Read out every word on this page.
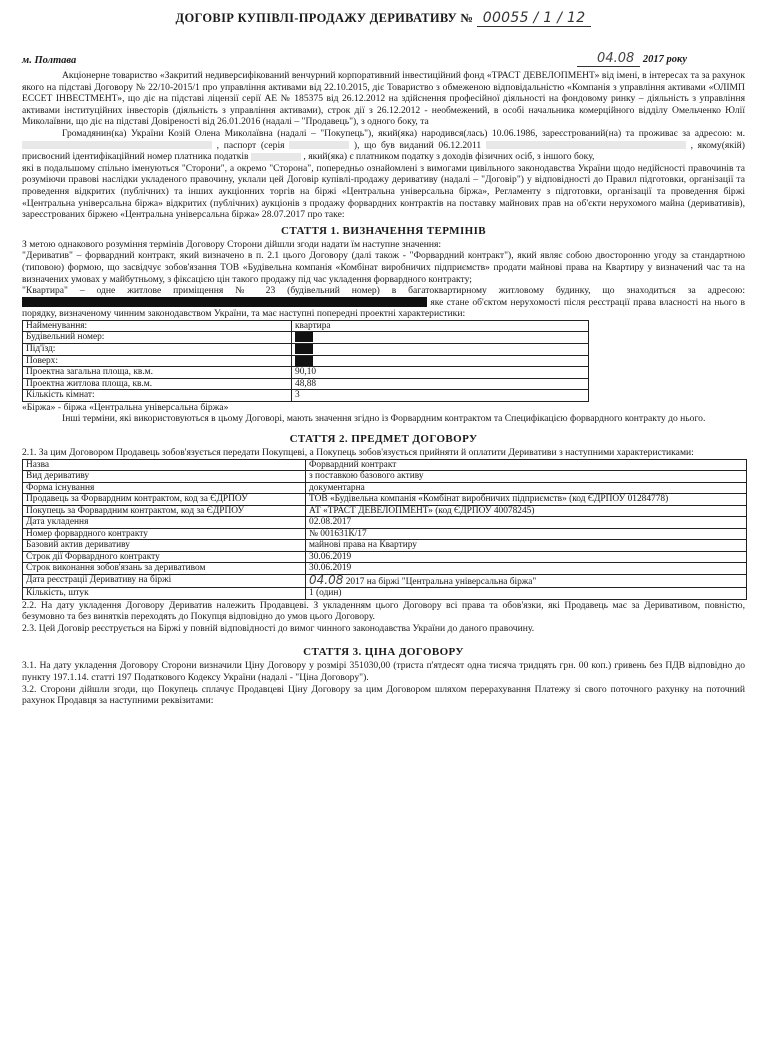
ДОГОВІР КУПІВЛІ-ПРОДАЖУ ДЕРИВАТИВУ № 00055 / 1 / 12
м. Полтава	04.08 2017 року

Акціонерне товариство «Закритий недиверсифікований венчурний корпоративний інвестиційний фонд «ТРАСТ ДЕВЕЛОПМЕНТ» від імені, в інтересах та за рахунок якого на підставі Договору № 22/10-2015/1 про управління активами від 22.10.2015, діє Товариство з обмеженою відповідальністю «Компанія з управління активами «ОЛІМП ЕССЕТ ІНВЕСТМЕНТ», що діє на підставі ліцензії серії АЕ № 185375 від 26.12.2012 на здійснення професійної діяльності на фондовому ринку – діяльність з управління активами інституційних інвесторів (діяльність з управління активами), строк дії з 26.12.2012 - необмежений, в особі начальника комерційного відділу Омельченко Юлії Миколаївни, що діє на підставі Довіреності від 26.01.2016 (надалі – "Продавець"), з одного боку, та

Громадянин(ка) України Козій Олена Миколаївна (надалі – "Покупець"), який(яка) народився(лась) 10.06.1986, зареєстрований(на) та проживає за адресою: м.  , паспорт (серія	), що був виданий 06.12.2011	, якому(якій) присвоєний ідентифікаційний номер платника податків	, який(яка) є платником податку з доходів фізичних осіб, з іншого боку,

які в подальшому спільно іменуються "Сторони", а окремо "Сторона", попередньо ознайомлені з вимогами цивільного законодавства України щодо недійсності правочинів та розуміючи правові наслідки укладеного правочину, уклали цей Договір купівлі-продажу деривативу (надалі – "Договір") у відповідності до Правил підготовки, організації та проведення відкритих (публічних) та інших аукціонних торгів на біржі «Центральна універсальна біржа», Регламенту з підготовки, організації та проведення біржі «Центральна універсальна біржа» відкритих (публічних) аукціонів з продажу форвардних контрактів на поставку майнових прав на об'єкти нерухомого майна (деривативів), зареєстрованих біржею «Центральна універсальна біржа» 28.07.2017 про таке:

СТАТТЯ 1. ВИЗНАЧЕННЯ ТЕРМІНІВ

З метою однакового розуміння термінів Договору Сторони дійшли згоди надати їм наступне значення:

"Дериватив" – форвардний контракт, який визначено в п. 2.1 цього Договору (далі також - "Форвардний контракт"), який являє собою двосторонню угоду за стандартною (типовою) формою, що засвідчує зобов'язання ТОВ «Будівельна компанія «Комбінат виробничих підприємств» продати майнові права на Квартиру у визначений час та на визначених умовах у майбутньому, з фіксацією цін такого продажу під час укладення форвардного контракту;

"Квартира" – одне житлове приміщення № 23 (будівельний номер) в багатоквартирному житловому будинку, що знаходиться за адресою:  яке стане об'єктом нерухомості після реєстрації права власності на нього в порядку, визначеному чинним законодавством України, та має наступні попередні проектні характеристики:

Найменування:	квартира
Будівельний номер:	
Під'їзд:	
Поверх:	
Проектна загальна площа, кв.м.	90,10
Проектна житлова площа, кв.м.	48,88
Кількість кімнат:	3

«Біржа» - біржа «Центральна універсальна біржа»

Інші терміни, які використовуються в цьому Договорі, мають значення згідно із Форвардним контрактом та Специфікацією форвардного контракту до нього.

СТАТТЯ 2. ПРЕДМЕТ ДОГОВОРУ

2.1. За цим Договором Продавець зобов'язується передати Покупцеві, а Покупець зобов'язується прийняти й оплатити Деривативи з наступними характеристиками:

Назва	Форвардний контракт
Вид деривативу	з поставкою базового активу
Форма існування	документарна
Продавець за Форвардним контрактом, код за ЄДРПОУ	ТОВ «Будівельна компанія «Комбінат виробничих підприємств» (код ЄДРПОУ 01284778)
Покупець за Форвардним контрактом, код за ЄДРПОУ	АТ «ТРАСТ ДЕВЕЛОПМЕНТ» (код ЄДРПОУ 40078245)
Дата укладення	02.08.2017
Номер форвардного контракту	№ 001631К/17
Базовий актив деривативу	майнові права на Квартиру
Строк дії Форвардного контракту	30.06.2019
Строк виконання зобов'язань за деривативом	30.06.2019
Дата реєстрації Деривативу на біржі	04.08 2017 на біржі "Центральна універсальна біржа"
Кількість, штук	1 (один)

2.2. На дату укладення Договору Дериватив належить Продавцеві. З укладенням цього Договору всі права та обов'язки, які Продавець має за Деривативом, повністю, безумовно та без винятків переходять до Покупця відповідно до умов цього Договору.

2.3. Цей Договір реєструється на Біржі у повній відповідності до вимог чинного законодавства України до даного правочину.

СТАТТЯ 3. ЦІНА ДОГОВОРУ

3.1. На дату укладення Договору Сторони визначили Ціну Договору у розмірі 351030,00 (триста п'ятдесят одна тисяча тридцять грн. 00 коп.) гривень без ПДВ відповідно до пункту 197.1.14. статті 197 Податкового Кодексу України (надалі - "Ціна Договору").

3.2. Сторони дійшли згоди, що Покупець сплачує Продавцеві Ціну Договору за цим Договором шляхом перерахування Платежу зі свого поточного рахунку на поточний рахунок Продавця за наступними реквізитами:
